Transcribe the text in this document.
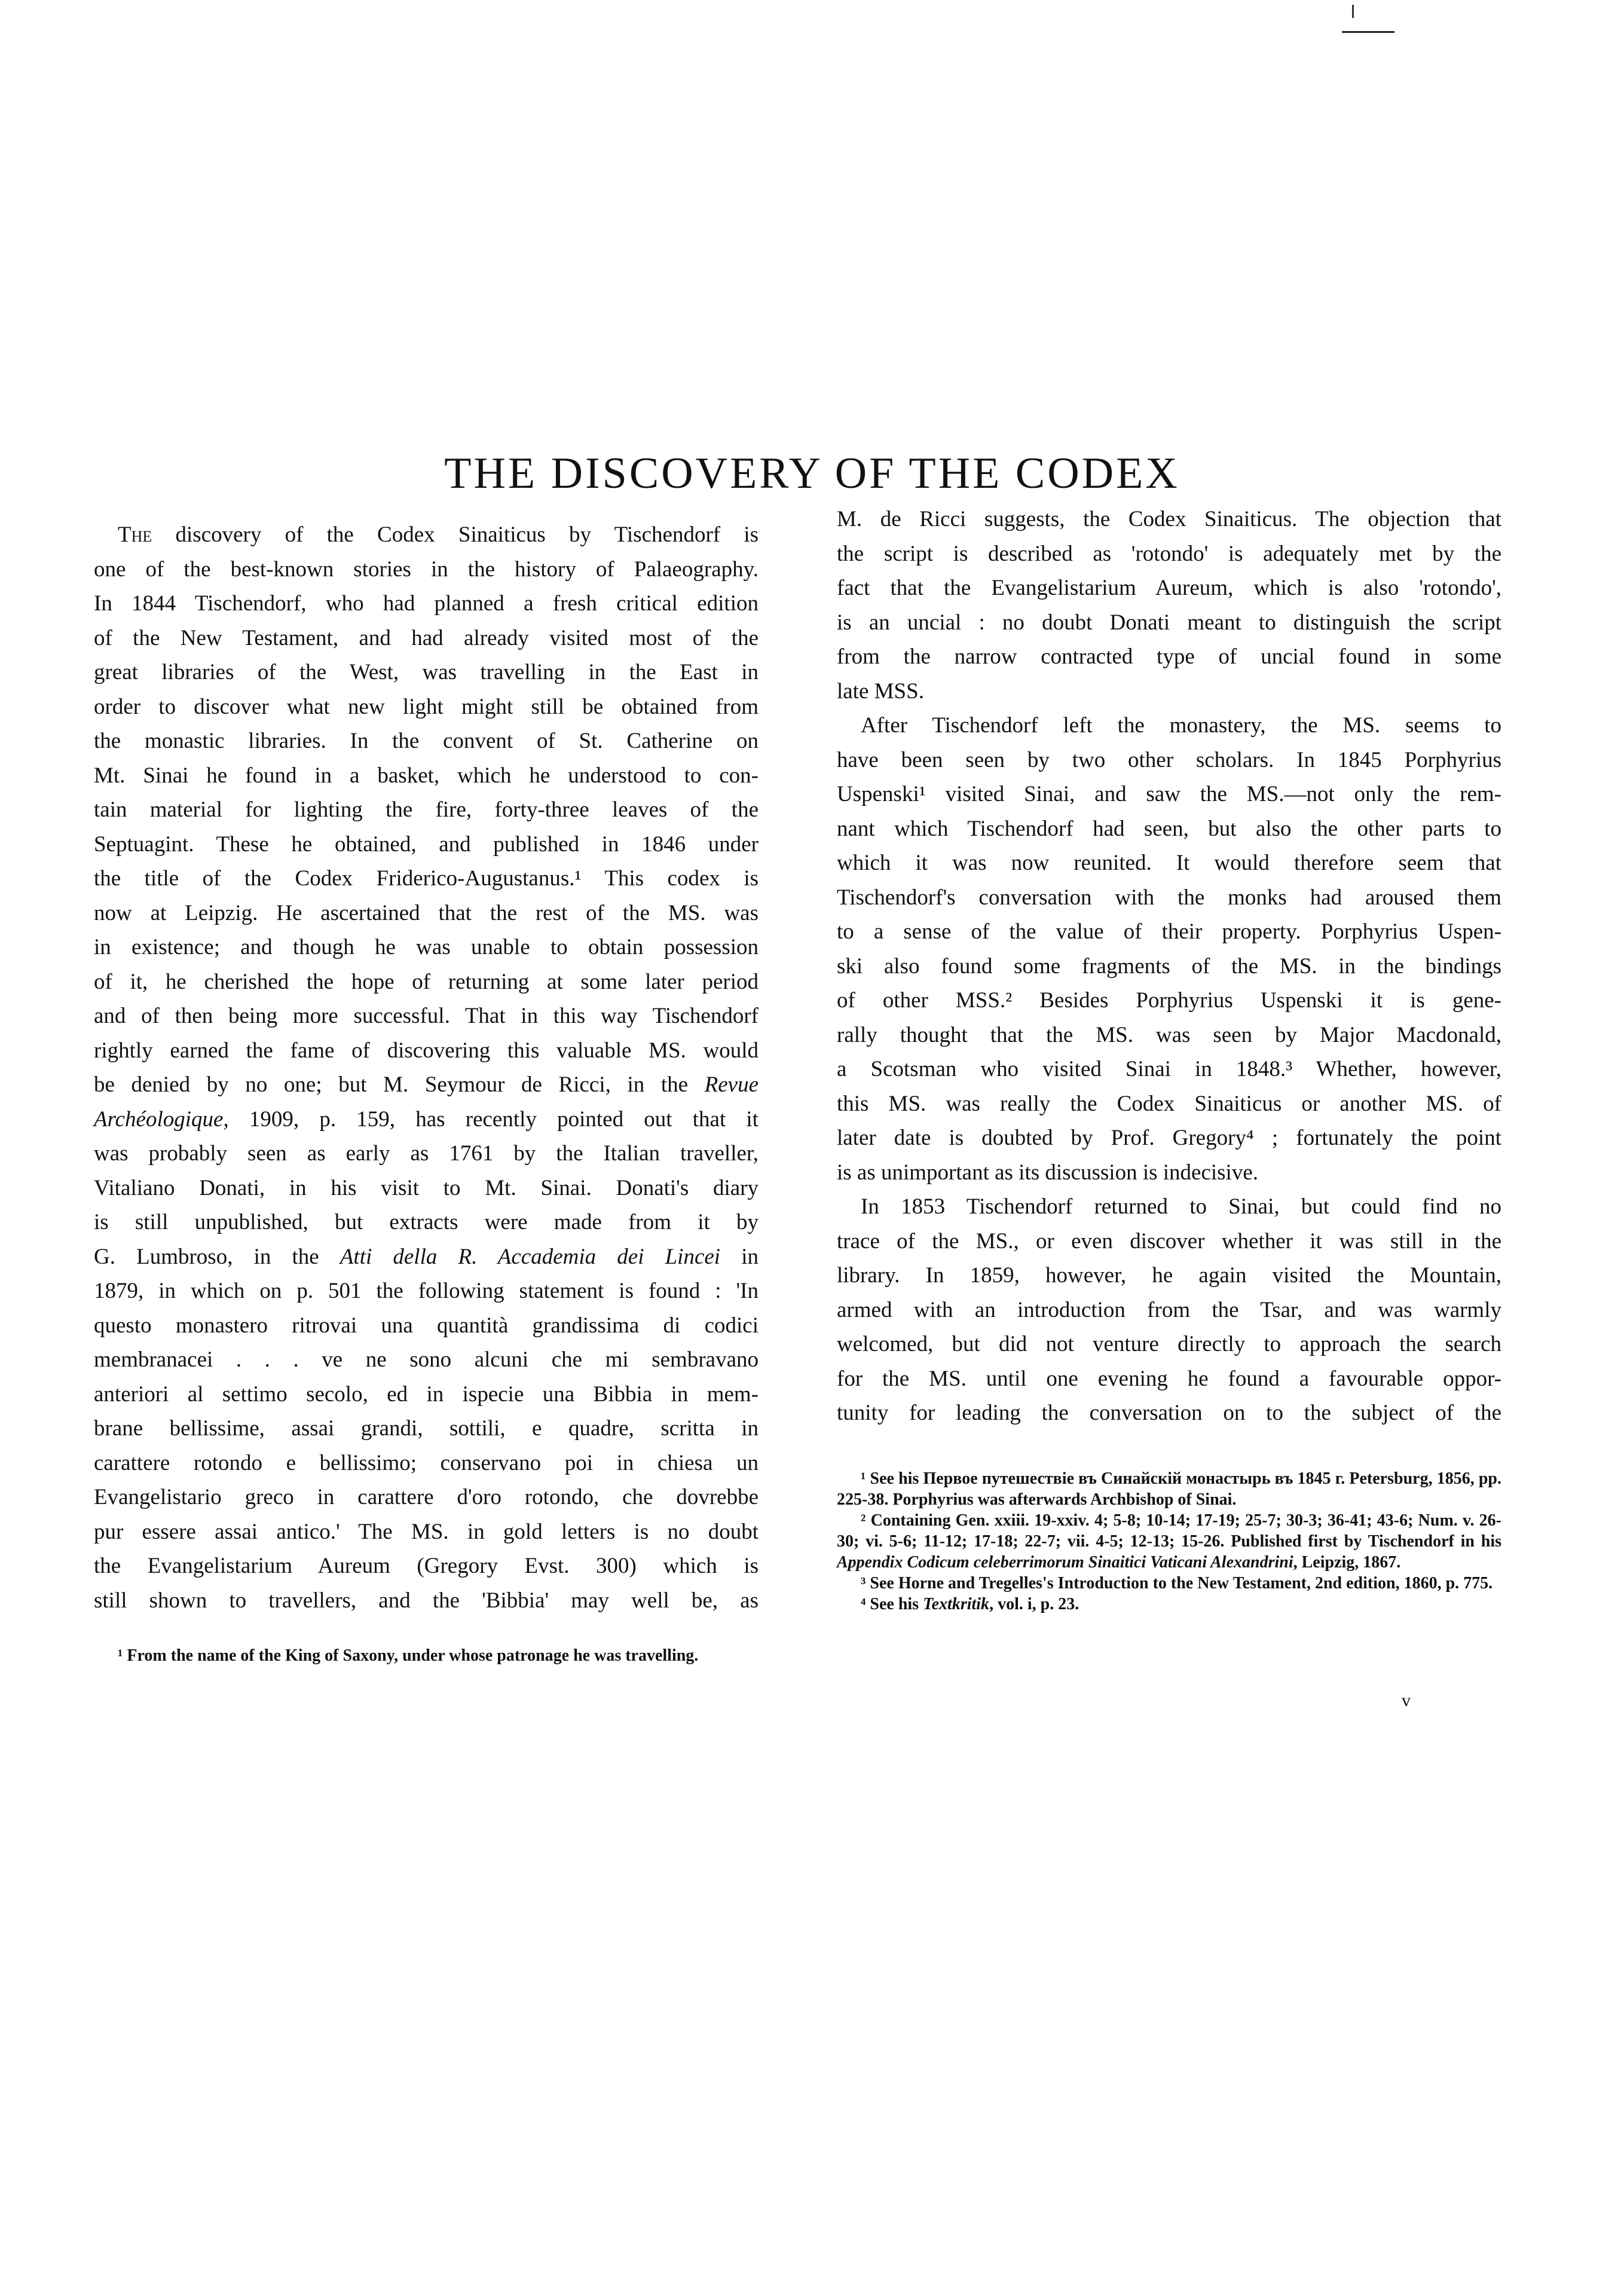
THE DISCOVERY OF THE CODEX
The discovery of the Codex Sinaiticus by Tischendorf is
one of the best-known stories in the history of Palaeography.
In 1844 Tischendorf, who had planned a fresh critical edition
of the New Testament, and had already visited most of the
great libraries of the West, was travelling in the East in
order to discover what new light might still be obtained from
the monastic libraries. In the convent of St. Catherine on
Mt. Sinai he found in a basket, which he understood to con-
tain material for lighting the fire, forty-three leaves of the
Septuagint. These he obtained, and published in 1846 under
the title of the Codex Friderico-Augustanus.¹ This codex is
now at Leipzig. He ascertained that the rest of the MS. was
in existence; and though he was unable to obtain possession
of it, he cherished the hope of returning at some later period
and of then being more successful. That in this way Tischendorf
rightly earned the fame of discovering this valuable MS. would
be denied by no one; but M. Seymour de Ricci, in the Revue
Archéologique, 1909, p. 159, has recently pointed out that it
was probably seen as early as 1761 by the Italian traveller,
Vitaliano Donati, in his visit to Mt. Sinai. Donati's diary
is still unpublished, but extracts were made from it by
G. Lumbroso, in the Atti della R. Accademia dei Lincei in
1879, in which on p. 501 the following statement is found : 'In
questo monastero ritrovai una quantità grandissima di codici
membranacei . . . ve ne sono alcuni che mi sembravano
anteriori al settimo secolo, ed in ispecie una Bibbia in mem-
brane bellissime, assai grandi, sottili, e quadre, scritta in
carattere rotondo e bellissimo; conservano poi in chiesa un
Evangelistario greco in carattere d'oro rotondo, che dovrebbe
pur essere assai antico.' The MS. in gold letters is no doubt
the Evangelistarium Aureum (Gregory Evst. 300) which is
still shown to travellers, and the 'Bibbia' may well be, as
M. de Ricci suggests, the Codex Sinaiticus. The objection that
the script is described as 'rotondo' is adequately met by the
fact that the Evangelistarium Aureum, which is also 'rotondo',
is an uncial : no doubt Donati meant to distinguish the script
from the narrow contracted type of uncial found in some
late MSS.
After Tischendorf left the monastery, the MS. seems to
have been seen by two other scholars. In 1845 Porphyrius
Uspenski¹ visited Sinai, and saw the MS.—not only the rem-
nant which Tischendorf had seen, but also the other parts to
which it was now reunited. It would therefore seem that
Tischendorf's conversation with the monks had aroused them
to a sense of the value of their property. Porphyrius Uspen-
ski also found some fragments of the MS. in the bindings
of other MSS.² Besides Porphyrius Uspenski it is gene-
rally thought that the MS. was seen by Major Macdonald,
a Scotsman who visited Sinai in 1848.³ Whether, however,
this MS. was really the Codex Sinaiticus or another MS. of
later date is doubted by Prof. Gregory⁴ ; fortunately the point
is as unimportant as its discussion is indecisive.
In 1853 Tischendorf returned to Sinai, but could find no
trace of the MS., or even discover whether it was still in the
library. In 1859, however, he again visited the Mountain,
armed with an introduction from the Tsar, and was warmly
welcomed, but did not venture directly to approach the search
for the MS. until one evening he found a favourable oppor-
tunity for leading the conversation on to the subject of the

¹ From the name of the King of Saxony, under whose patronage he was travelling.

¹ See his Первое путешествіе въ Синайскій монастырь въ 1845 г. Petersburg, 1856, pp. 225-38. Porphyrius was afterwards Archbishop of Sinai.

² Containing Gen. xxiii. 19-xxiv. 4; 5-8; 10-14; 17-19; 25-7; 30-3; 36-41; 43-6; Num. v. 26-30; vi. 5-6; 11-12; 17-18; 22-7; vii. 4-5; 12-13; 15-26. Published first by Tischendorf in his Appendix Codicum celeberrimorum Sinaitici Vaticani Alexandrini, Leipzig, 1867.

³ See Horne and Tregelles's Introduction to the New Testament, 2nd edition, 1860, p. 775.

⁴ See his Textkritik, vol. i, p. 23.

v
